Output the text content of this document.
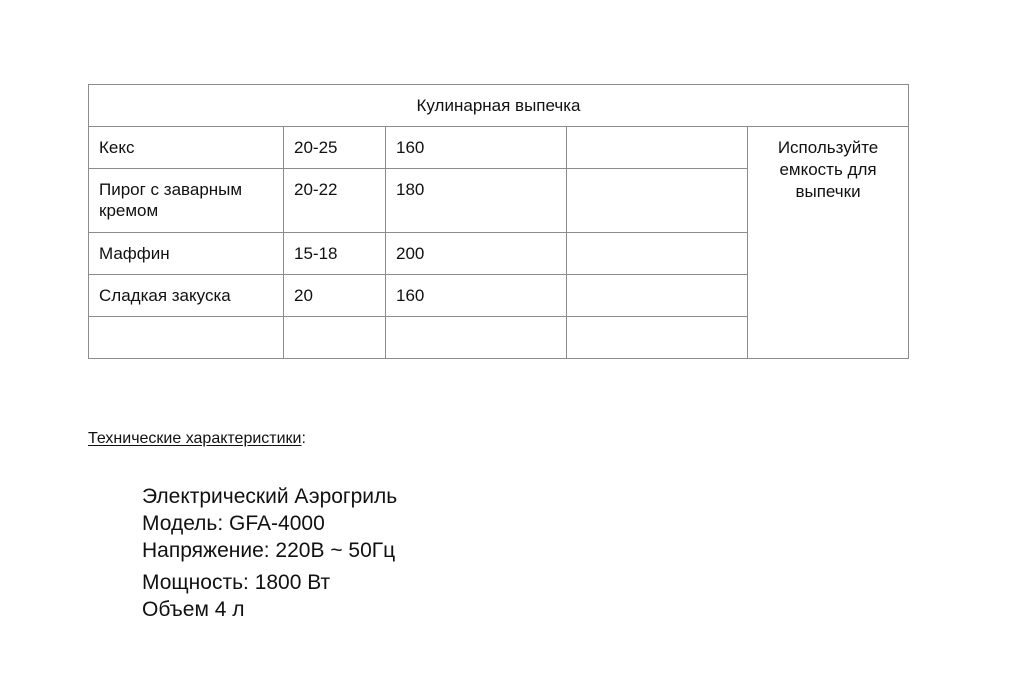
Кулинарная выпечка				
Кекс	20-25	160		Используйте
емкость для
выпечки

Пирог с заварным кремом	20-22	180		
Маффин	15-18	200		
Сладкая закуска	20	160		

Технические характеристики:
Электрический Аэрогриль
Модель: GFA-4000
Напряжение: 220В ~ 50Гц
Мощность: 1800 Вт
Объем 4 л
